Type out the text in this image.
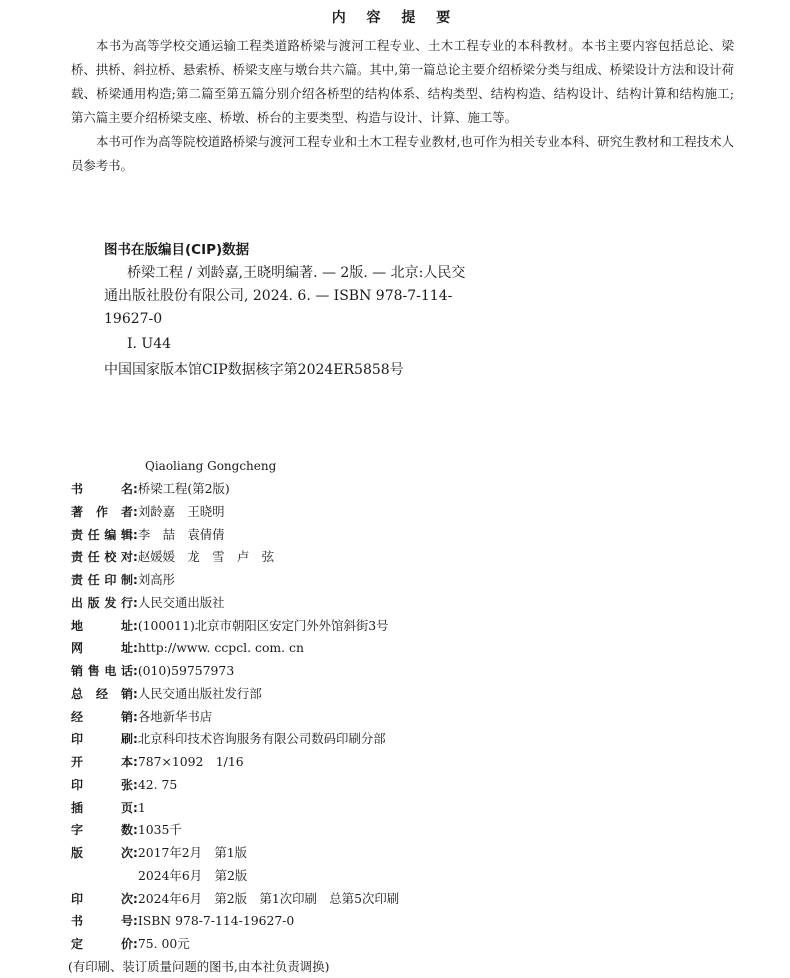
内 容 提 要

本书为高等学校交通运输工程类道路桥梁与渡河工程专业、土木工程专业的本科教材。本书主要内容包括总论、梁桥、拱桥、斜拉桥、悬索桥、桥梁支座与墩台共六篇。其中,第一篇总论主要介绍桥梁分类与组成、桥梁设计方法和设计荷载、桥梁通用构造;第二篇至第五篇分别介绍各桥型的结构体系、结构类型、结构构造、结构设计、结构计算和结构施工;第六篇主要介绍桥梁支座、桥墩、桥台的主要类型、构造与设计、计算、施工等。

本书可作为高等院校道路桥梁与渡河工程专业和土木工程专业教材,也可作为相关专业本科、研究生教材和工程技术人员参考书。

图书在版编目(CIP)数据

桥梁工程 / 刘龄嘉,王晓明编著. — 2版. — 北京:人民交通出版社股份有限公司, 2024. 6. — ISBN 978-7-114-19627-0

Ⅰ. U44

中国国家版本馆CIP数据核字第2024ER5858号

Qiaoliang Gongcheng
书	名 : 桥梁工程(第2版)
著 作 者 : 刘龄嘉　王晓明
责 任 编 辑 : 李　喆　袁倩倩
责 任 校 对 : 赵媛媛　龙　雪　卢　弦
责 任 印 制 : 刘高彤
出 版 发 行 : 人民交通出版社
地	址 : (100011)北京市朝阳区安定门外外馆斜街3号
网	址 : http://www. ccpcl. com. cn
销 售 电 话 : (010)59757973
总 经 销 : 人民交通出版社发行部
经	销 : 各地新华书店
印	刷 : 北京科印技术咨询服务有限公司数码印刷分部
开	本 : 787×1092　1/16
印	张 : 42. 75
插	页 : 1
字	数 : 1035千
版	次 : 2017年2月　第1版
2024年6月　第2版
印	次 : 2024年6月　第2版　第1次印刷　总第5次印刷
书	号 : ISBN 978-7-114-19627-0
定	价 : 75. 00元
(有印刷、装订质量问题的图书,由本社负责调换)
